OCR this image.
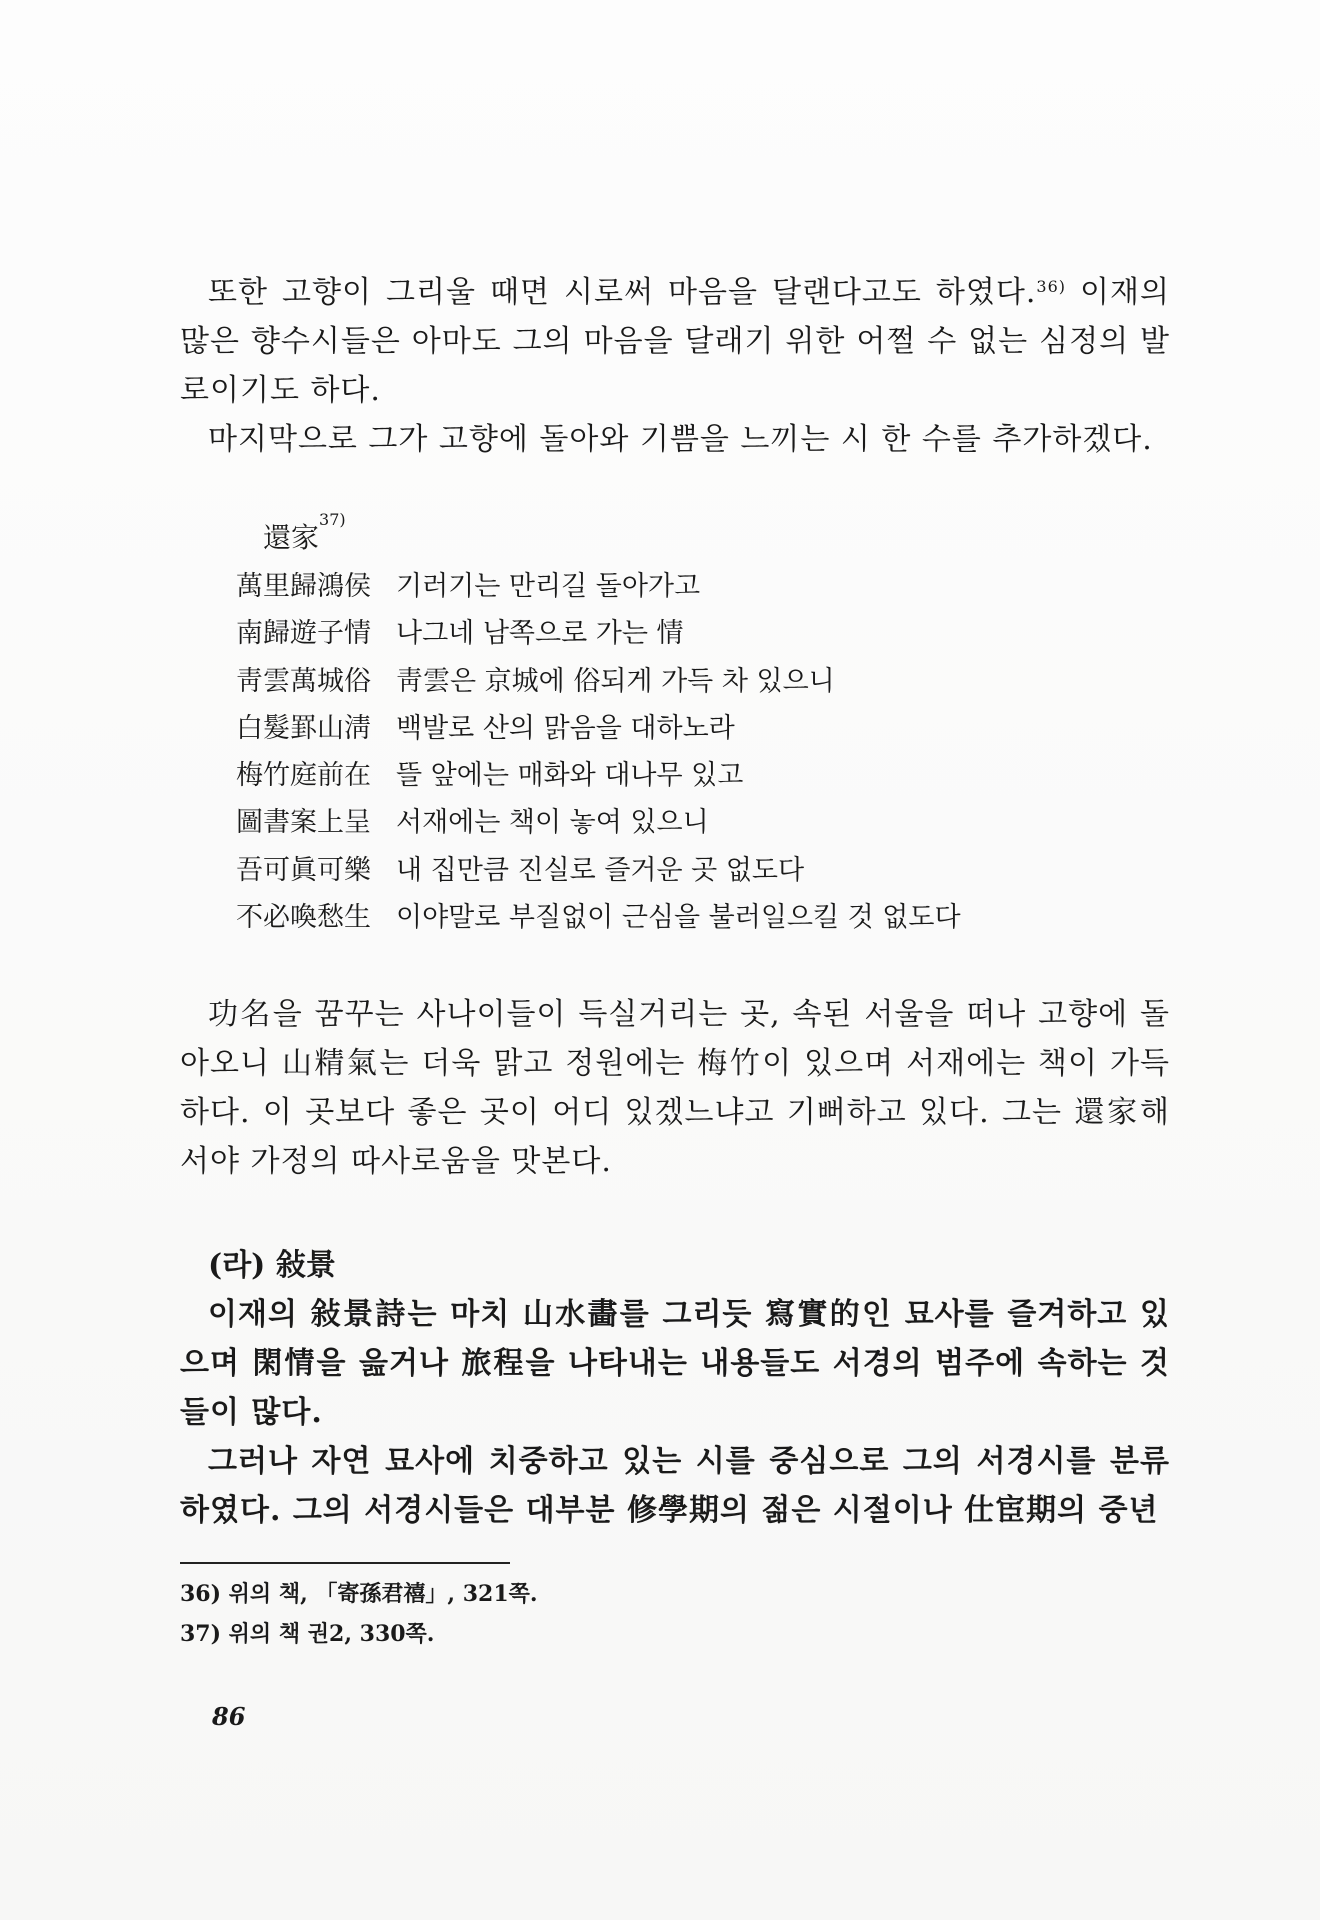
또한 고향이 그리울 때면 시로써 마음을 달랜다고도 하였다.$^{36)}$ 이재의 많은 향수시들은 아마도 그의 마음을 달래기 위한 어쩔 수 없는 심정의 발로이기도 하다.

마지막으로 그가 고향에 돌아와 기쁨을 느끼는 시 한 수를 추가하겠다.

還家$^{37)}$
萬里歸鴻侯 기러기는 만리길 돌아가고
南歸遊子情 나그네 남쪽으로 가는 情
靑雲萬城俗 靑雲은 京城에 俗되게 가득 차 있으니
白髮罫山淸 백발로 산의 맑음을 대하노라
梅竹庭前在 뜰 앞에는 매화와 대나무 있고
圖書案上呈 서재에는 책이 놓여 있으니
吾可眞可樂 내 집만큼 진실로 즐거운 곳 없도다
不必喚愁生 이야말로 부질없이 근심을 불러일으킬 것 없도다

功名을 꿈꾸는 사나이들이 득실거리는 곳, 속된 서울을 떠나 고향에 돌아오니 山精氣는 더욱 맑고 정원에는 梅竹이 있으며 서재에는 책이 가득하다. 이 곳보다 좋은 곳이 어디 있겠느냐고 기뻐하고 있다. 그는 還家해서야 가정의 따사로움을 맛본다.

(라) 敍景

이재의 敍景詩는 마치 山水畵를 그리듯 寫實的인 묘사를 즐겨하고 있으며 閑情을 읊거나 旅程을 나타내는 내용들도 서경의 범주에 속하는 것들이 많다.

그러나 자연 묘사에 치중하고 있는 시를 중심으로 그의 서경시를 분류하였다. 그의 서경시들은 대부분 修學期의 젊은 시절이나 仕宦期의 중년

36) 위의 책, 「寄孫君禧」, 321쪽.
37) 위의 책 권2, 330쪽.
86
